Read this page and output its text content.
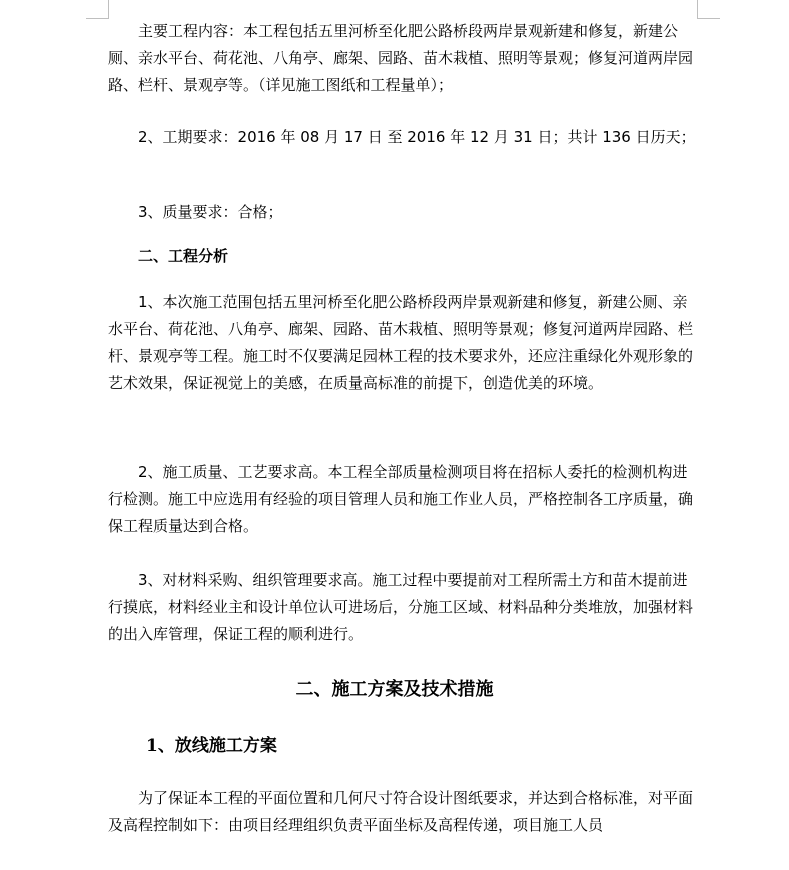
主要工程内容：本工程包括五里河桥至化肥公路桥段两岸景观新建和修复，新建公厕、亲水平台、荷花池、八角亭、廊架、园路、苗木栽植、照明等景观；修复河道两岸园路、栏杆、景观亭等。（详见施工图纸和工程量单）；

2、工期要求：2016 年 08 月 17 日 至 2016 年 12 月 31 日；共计 136 日历天；

3、质量要求：合格；

二、工程分析

1、本次施工范围包括五里河桥至化肥公路桥段两岸景观新建和修复，新建公厕、亲水平台、荷花池、八角亭、廊架、园路、苗木栽植、照明等景观；修复河道两岸园路、栏杆、景观亭等工程。施工时不仅要满足园林工程的技术要求外，还应注重绿化外观形象的艺术效果，保证视觉上的美感，在质量高标准的前提下，创造优美的环境。

2、施工质量、工艺要求高。本工程全部质量检测项目将在招标人委托的检测机构进行检测。施工中应选用有经验的项目管理人员和施工作业人员，严格控制各工序质量，确保工程质量达到合格。

3、对材料采购、组织管理要求高。施工过程中要提前对工程所需土方和苗木提前进行摸底，材料经业主和设计单位认可进场后，分施工区域、材料品种分类堆放，加强材料的出入库管理，保证工程的顺利进行。

二、施工方案及技术措施

1、放线施工方案

为了保证本工程的平面位置和几何尺寸符合设计图纸要求，并达到合格标准，对平面及高程控制如下：由项目经理组织负责平面坐标及高程传递，项目施工人员
